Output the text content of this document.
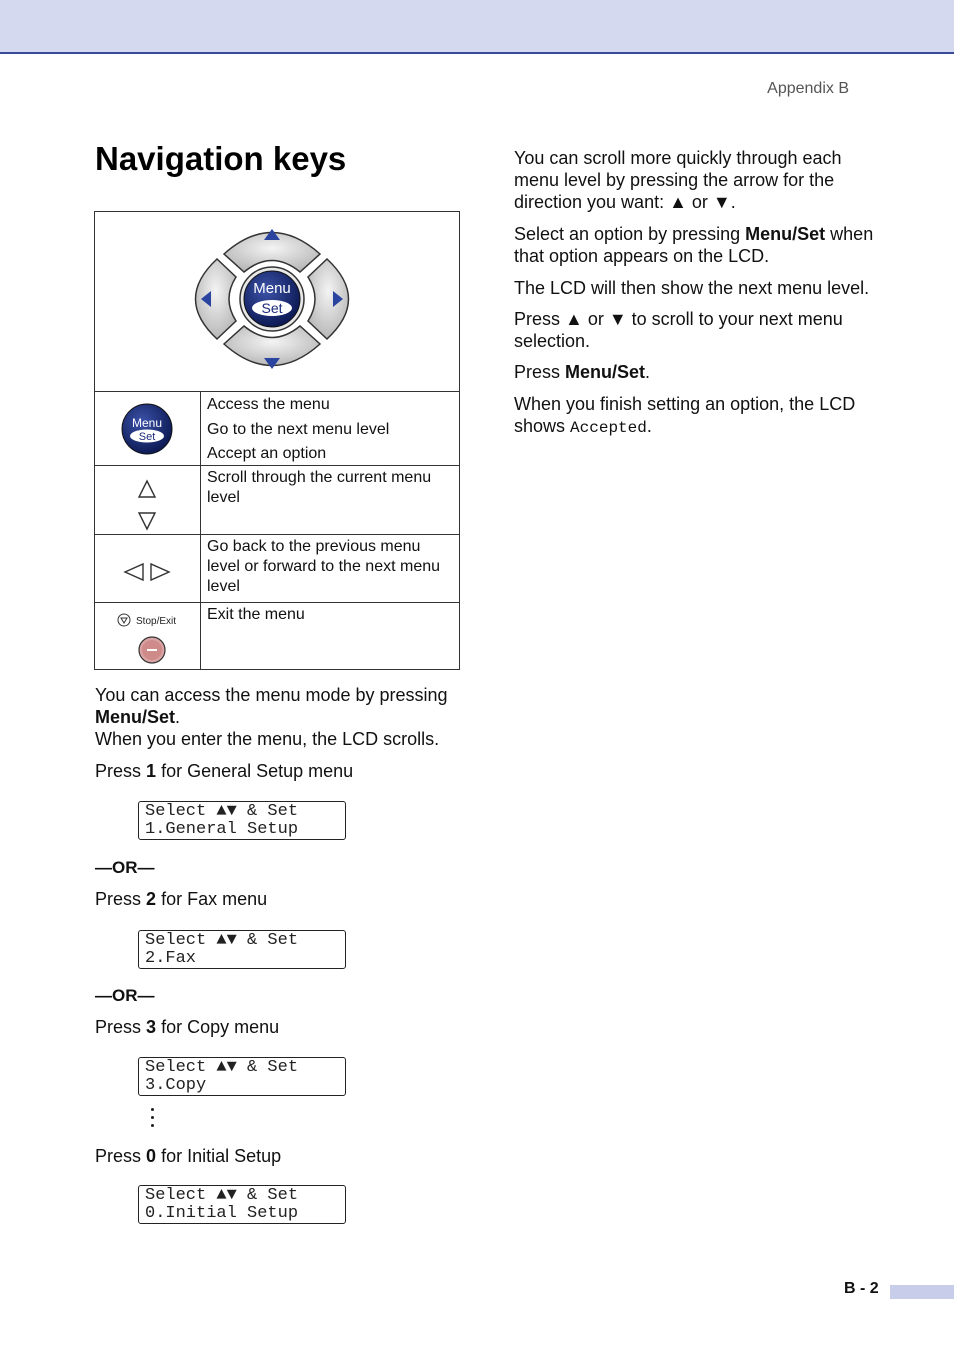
Appendix B
Navigation keys
Menu
Set
Menu
Set
Access the menu
Go to the next menu level
Accept an option
Scroll through the current menu
level
Go back to the previous menu
level or forward to the next menu
level
Stop/Exit Exit the menu

You can access the menu mode by pressing
Menu/Set.
When you enter the menu, the LCD scrolls.

Press 1 for General Setup menu

Select ▲▼ & Set
1.General Setup
—OR—

Press 2 for Fax menu

Select ▲▼ & Set
2.Fax
—OR—

Press 3 for Copy menu

Select ▲▼ & Set
3.Copy

Press 0 for Initial Setup

Select ▲▼ & Set
0.Initial Setup

You can scroll more quickly through each menu level by pressing the arrow for the direction you want: ▲ or ▼.

Select an option by pressing Menu/Set when that option appears on the LCD.

The LCD will then show the next menu level.

Press ▲ or ▼ to scroll to your next menu selection.

Press Menu/Set.

When you finish setting an option, the LCD shows Accepted.

B - 2
